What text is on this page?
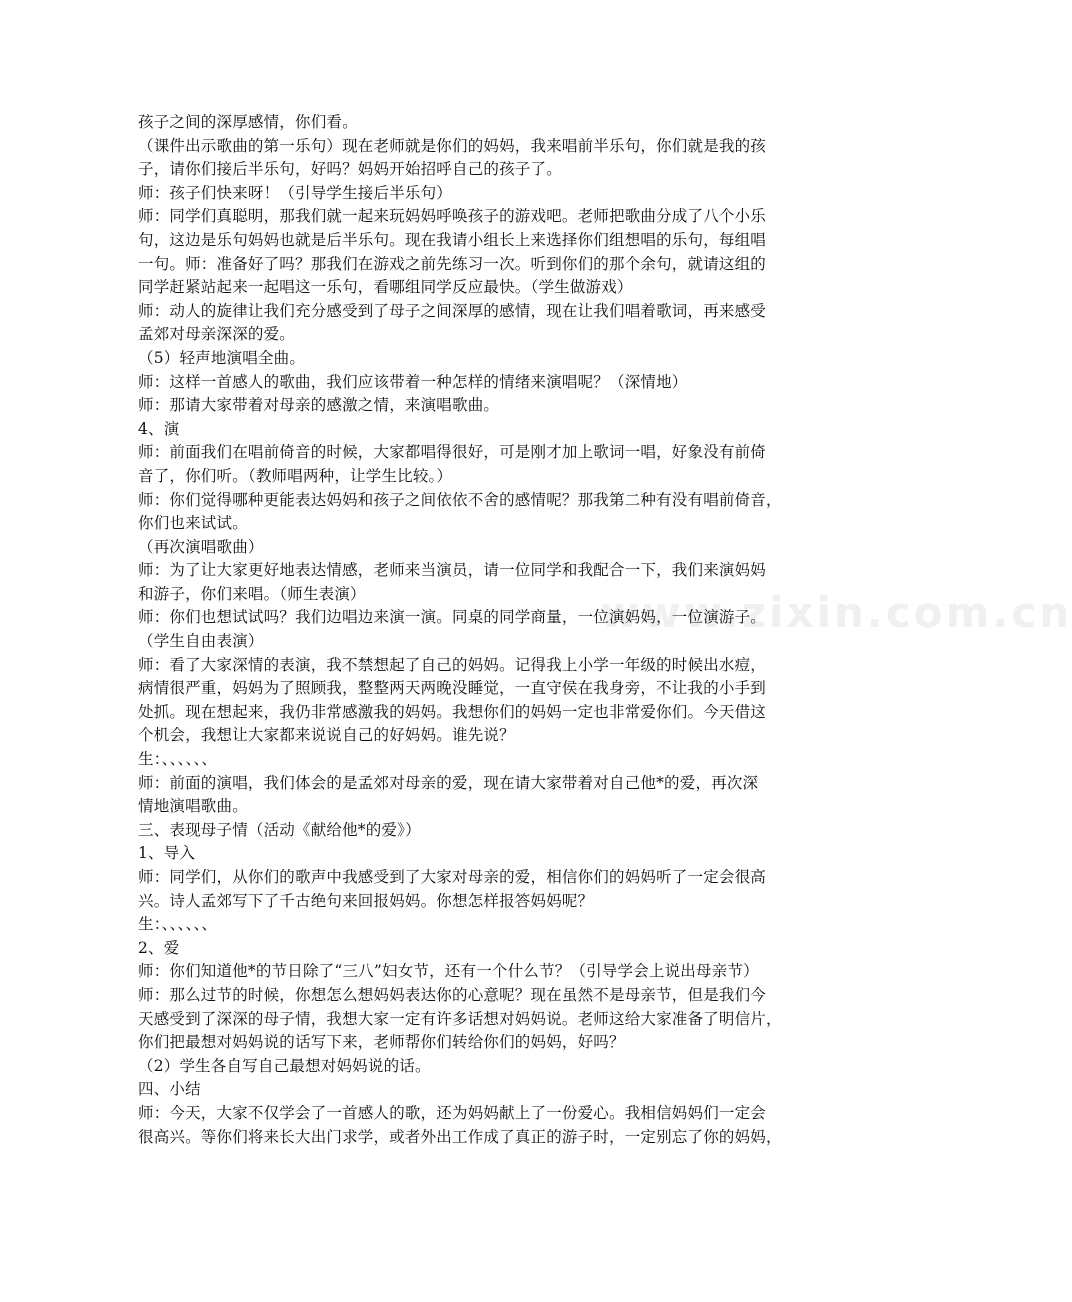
www.zixin.com.cn
孩子之间的深厚感情，你们看。
（课件出示歌曲的第一乐句）现在老师就是你们的妈妈，我来唱前半乐句，你们就是我的孩
子，请你们接后半乐句，好吗？妈妈开始招呼自己的孩子了。
师：孩子们快来呀！（引导学生接后半乐句）
师：同学们真聪明，那我们就一起来玩妈妈呼唤孩子的游戏吧。老师把歌曲分成了八个小乐
句，这边是乐句妈妈也就是后半乐句。现在我请小组长上来选择你们组想唱的乐句，每组唱
一句。师：准备好了吗？那我们在游戏之前先练习一次。听到你们的那个余句，就请这组的
同学赶紧站起来一起唱这一乐句，看哪组同学反应最快。（学生做游戏）
师：动人的旋律让我们充分感受到了母子之间深厚的感情，现在让我们唱着歌词，再来感受
孟郊对母亲深深的爱。
（5）轻声地演唱全曲。
师：这样一首感人的歌曲，我们应该带着一种怎样的情绪来演唱呢？（深情地）
师：那请大家带着对母亲的感激之情，来演唱歌曲。
4、演
师：前面我们在唱前倚音的时候，大家都唱得很好，可是刚才加上歌词一唱，好象没有前倚
音了，你们听。（教师唱两种，让学生比较。）
师：你们觉得哪种更能表达妈妈和孩子之间依依不舍的感情呢？那我第二种有没有唱前倚音，
你们也来试试。
（再次演唱歌曲）
师：为了让大家更好地表达情感，老师来当演员，请一位同学和我配合一下，我们来演妈妈
和游子，你们来唱。（师生表演）
师：你们也想试试吗？我们边唱边来演一演。同桌的同学商量，一位演妈妈，一位演游子。
（学生自由表演）
师：看了大家深情的表演，我不禁想起了自己的妈妈。记得我上小学一年级的时候出水痘，
病情很严重，妈妈为了照顾我，整整两天两晚没睡觉，一直守侯在我身旁，不让我的小手到
处抓。现在想起来，我仍非常感激我的妈妈。我想你们的妈妈一定也非常爱你们。今天借这
个机会，我想让大家都来说说自己的好妈妈。谁先说？
生：、、、、、、
师：前面的演唱，我们体会的是孟郊对母亲的爱，现在请大家带着对自己他*的爱，再次深
情地演唱歌曲。
三、表现母子情（活动《献给他*的爱》）
1、导入
师：同学们，从你们的歌声中我感受到了大家对母亲的爱，相信你们的妈妈听了一定会很高
兴。诗人孟郊写下了千古绝句来回报妈妈。你想怎样报答妈妈呢？
生：、、、、、、
2、爱
师：你们知道他*的节日除了“三八”妇女节，还有一个什么节？（引导学会上说出母亲节）
师：那么过节的时候，你想怎么想妈妈表达你的心意呢？现在虽然不是母亲节，但是我们今
天感受到了深深的母子情，我想大家一定有许多话想对妈妈说。老师这给大家准备了明信片，
你们把最想对妈妈说的话写下来，老师帮你们转给你们的妈妈，好吗？
（2）学生各自写自己最想对妈妈说的话。
四、小结
师：今天，大家不仅学会了一首感人的歌，还为妈妈献上了一份爱心。我相信妈妈们一定会
很高兴。等你们将来长大出门求学，或者外出工作成了真正的游子时，一定别忘了你的妈妈，
